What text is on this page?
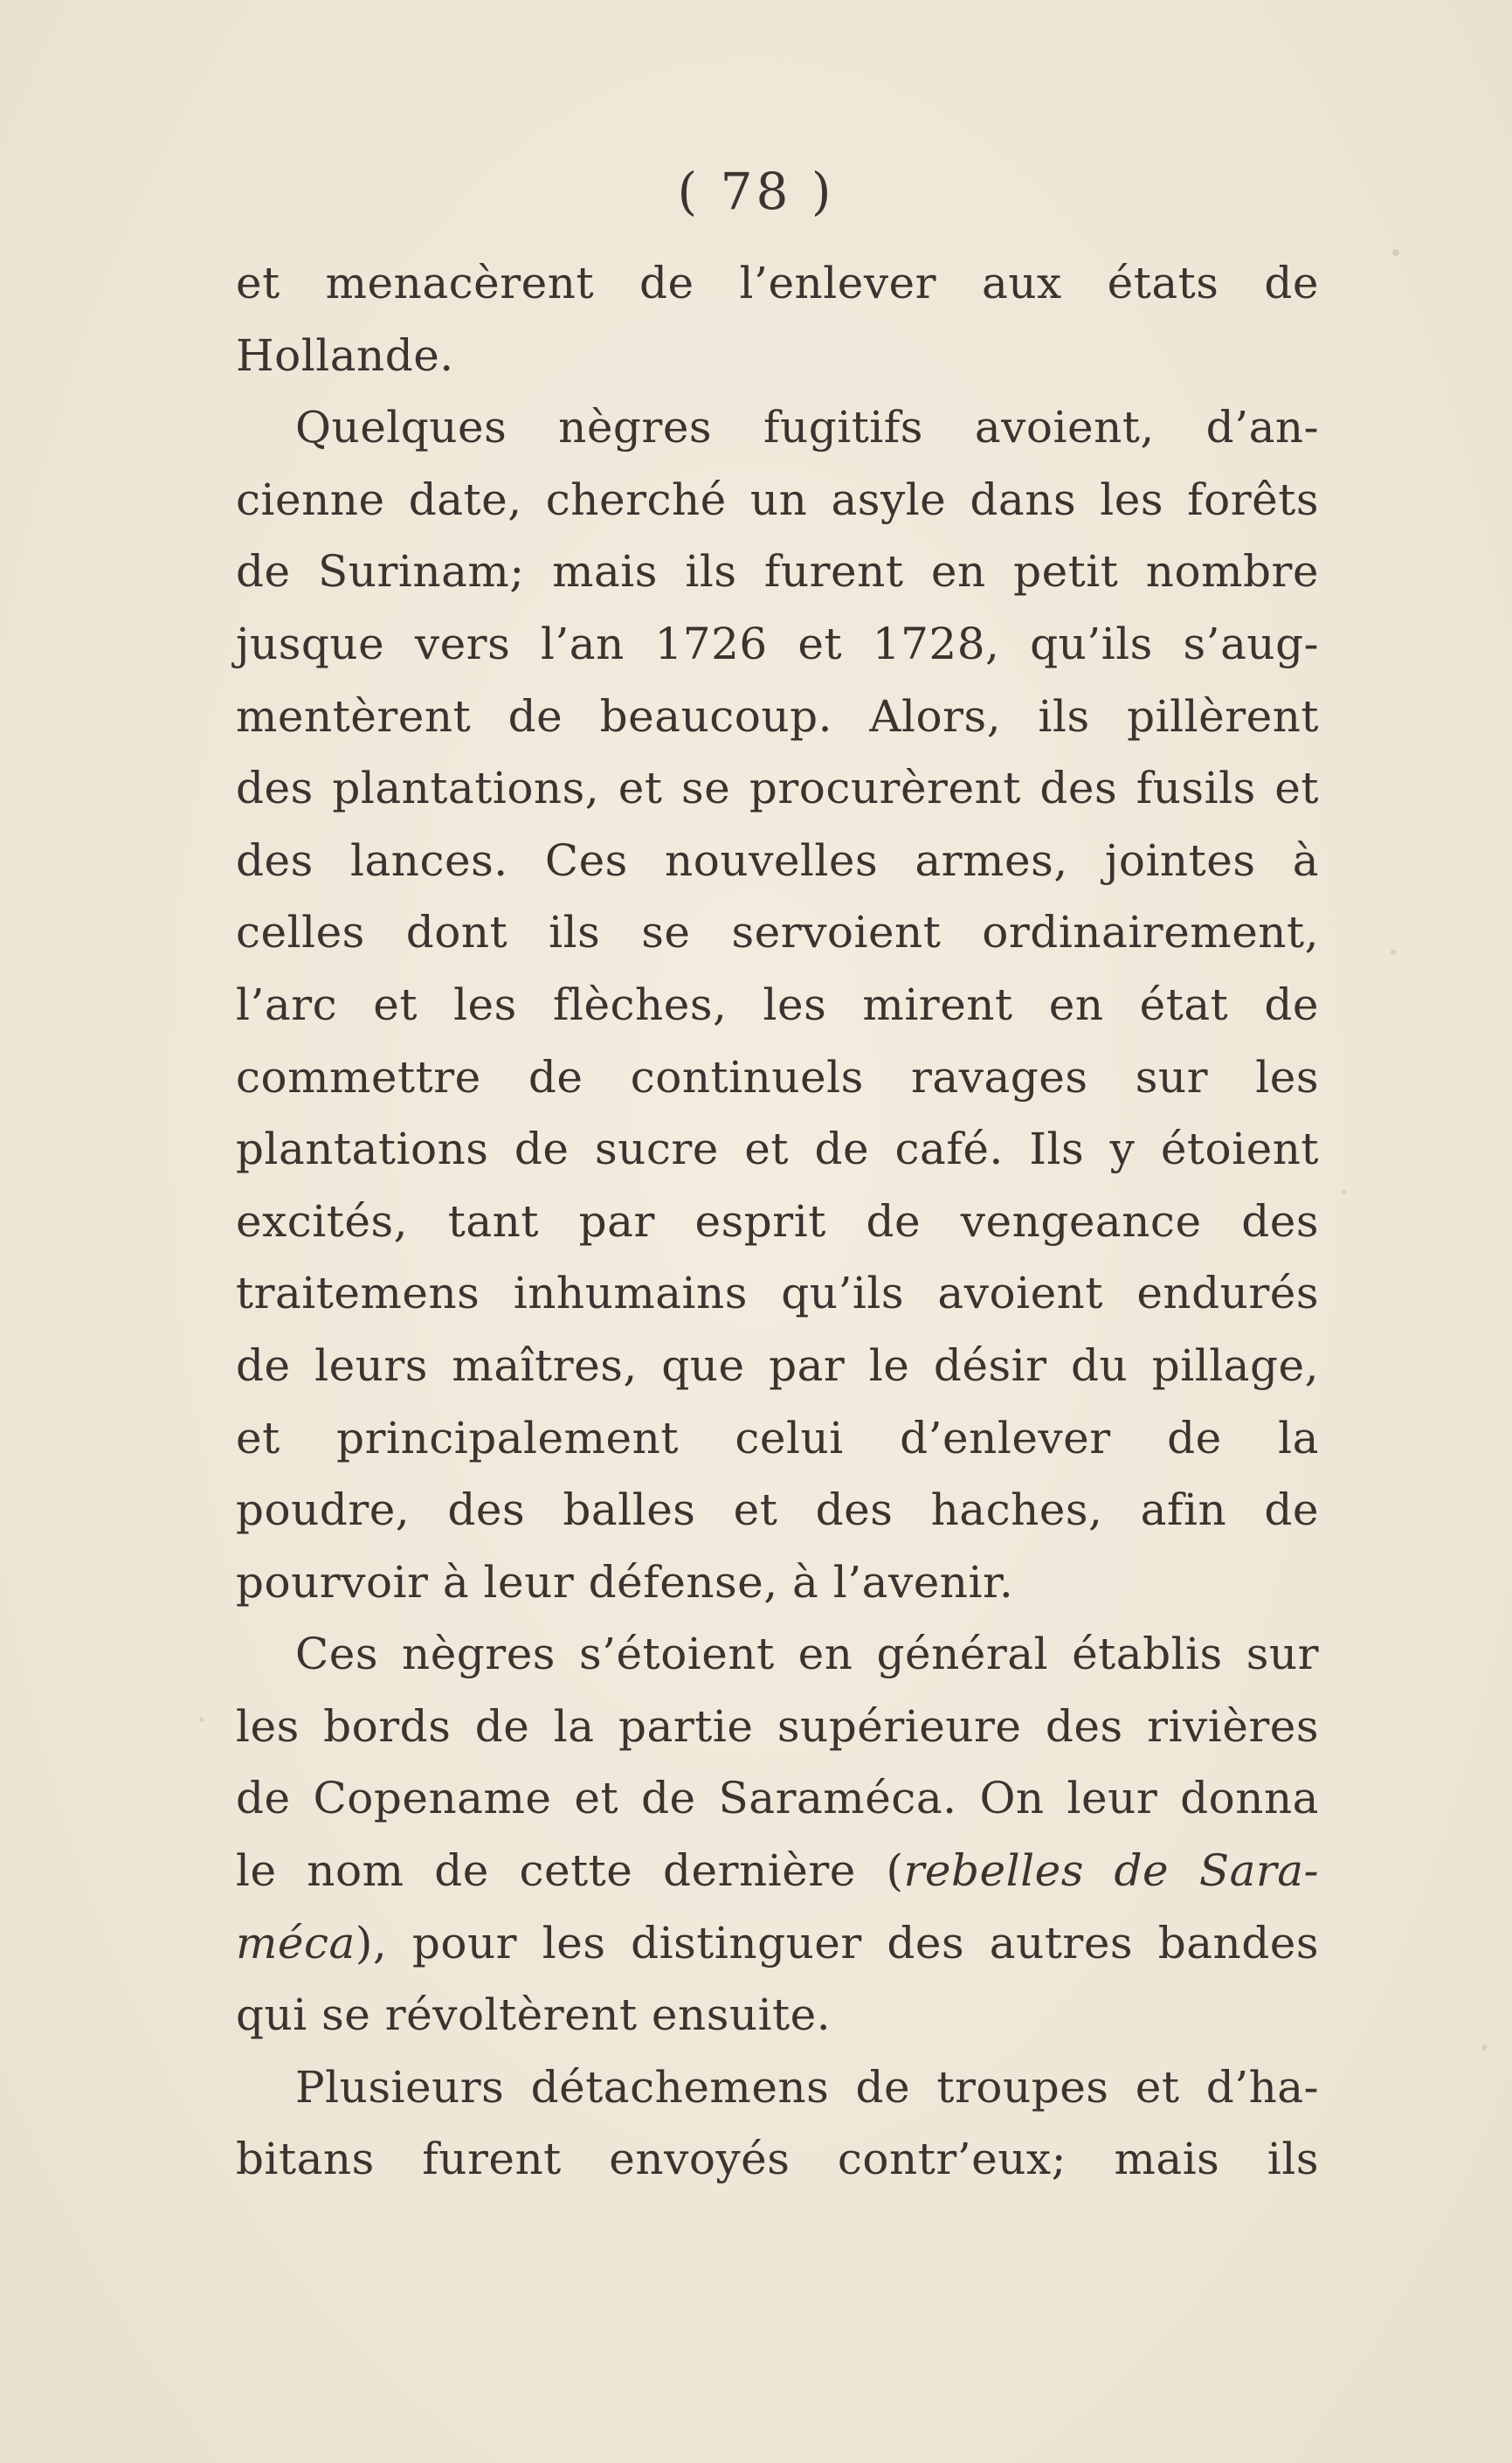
( 78 )
et menacèrent de l’enlever aux états de
Hollande.
Quelques nègres fugitifs avoient, d’an-
cienne date, cherché un asyle dans les forêts
de Surinam; mais ils furent en petit nombre
jusque vers l’an 1726 et 1728, qu’ils s’aug-
mentèrent de beaucoup. Alors, ils pillèrent
des plantations, et se procurèrent des fusils et
des lances. Ces nouvelles armes, jointes à
celles dont ils se servoient ordinairement,
l’arc et les flèches, les mirent en état de
commettre de continuels ravages sur les
plantations de sucre et de café. Ils y étoient
excités, tant par esprit de vengeance des
traitemens inhumains qu’ils avoient endurés
de leurs maîtres, que par le désir du pillage,
et principalement celui d’enlever de la
poudre, des balles et des haches, afin de
pourvoir à leur défense, à l’avenir.
Ces nègres s’étoient en général établis sur
les bords de la partie supérieure des rivières
de Copename et de Saraméca. On leur donna
le nom de cette dernière (rebelles de Sara-
méca), pour les distinguer des autres bandes
qui se révoltèrent ensuite.
Plusieurs détachemens de troupes et d’ha-
bitans furent envoyés contr’eux; mais ils
